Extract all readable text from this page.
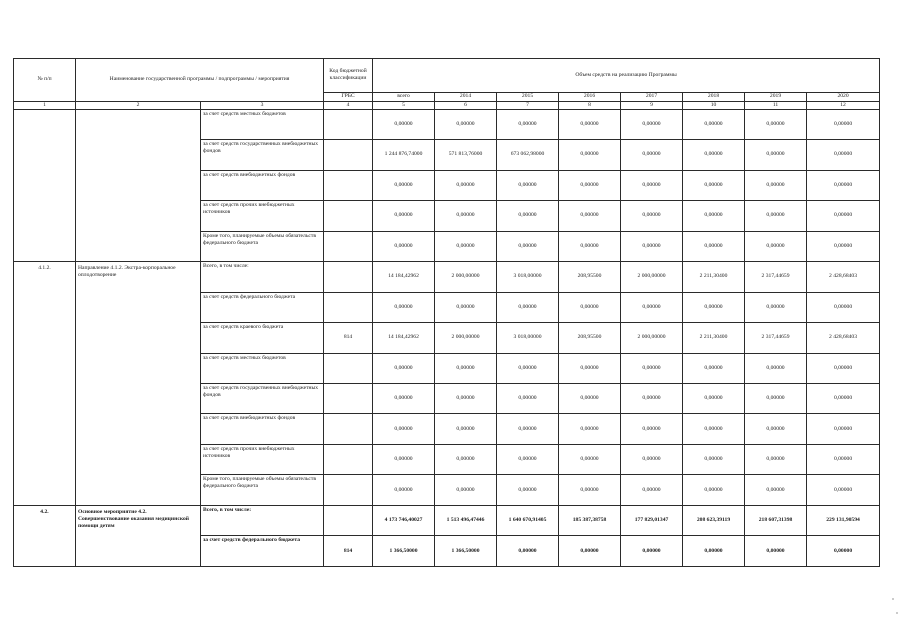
№ п/п	Наименование государственной программы / подпрограммы / мероприятия		Код бюджетной классификации	Объем средств на реализацию Программы							
			ГРБС	всего	2014	2015	2016	2017	2018	2019	2020
1	2	3	4	5	6	7	8	9	10	11	12
		за счет средств местных бюджетов		0,00000	0,00000	0,00000	0,00000	0,00000	0,00000	0,00000	0,00000
		за счет средств государственных внебюджетных фондов		1 244 876,74000	571 813,76000	673 062,98000	0,00000	0,00000	0,00000	0,00000	0,00000
		за счет средств внебюджетных фондов		0,00000	0,00000	0,00000	0,00000	0,00000	0,00000	0,00000	0,00000
		за счет средств прочих внебюджетных источников		0,00000	0,00000	0,00000	0,00000	0,00000	0,00000	0,00000	0,00000
		Кроме того, планируемые объемы обязательств федерального бюджета		0,00000	0,00000	0,00000	0,00000	0,00000	0,00000	0,00000	0,00000
4.1.2.	Направление 4.1.2. Экстра-корпоральное оплодотворение	Всего, в том числе:		14 184,42962	2 000,00000	3 018,00000	208,95500	2 000,00000	2 211,30400	2 317,44659	2 428,68403
		за счет средств федерального бюджета		0,00000	0,00000	0,00000	0,00000	0,00000	0,00000	0,00000	0,00000
		за счет средств краевого бюджета	814	14 184,42962	2 000,00000	3 018,00000	208,95500	2 000,00000	2 211,30400	2 317,44659	2 428,68403
		за счет средств местных бюджетов		0,00000	0,00000	0,00000	0,00000	0,00000	0,00000	0,00000	0,00000
		за счет средств государственных внебюджетных фондов		0,00000	0,00000	0,00000	0,00000	0,00000	0,00000	0,00000	0,00000
		за счет средств внебюджетных фондов		0,00000	0,00000	0,00000	0,00000	0,00000	0,00000	0,00000	0,00000
		за счет средств прочих внебюджетных источников		0,00000	0,00000	0,00000	0,00000	0,00000	0,00000	0,00000	0,00000
		Кроме того, планируемые объемы обязательств федерального бюджета		0,00000	0,00000	0,00000	0,00000	0,00000	0,00000	0,00000	0,00000
4.2.	Основное мероприятие 4.2. Совершенствование оказания медицинской помощи детям	Всего, в том числе:		4 173 746,40027	1 513 496,47446	1 640 670,91405	185 387,38758	177 829,01347	208 623,39119	218 607,31398	229 131,90594
		за счет средств федерального бюджета	814	1 366,50000	1 366,50000	0,00000	0,00000	0,00000	0,00000	0,00000	0,00000
